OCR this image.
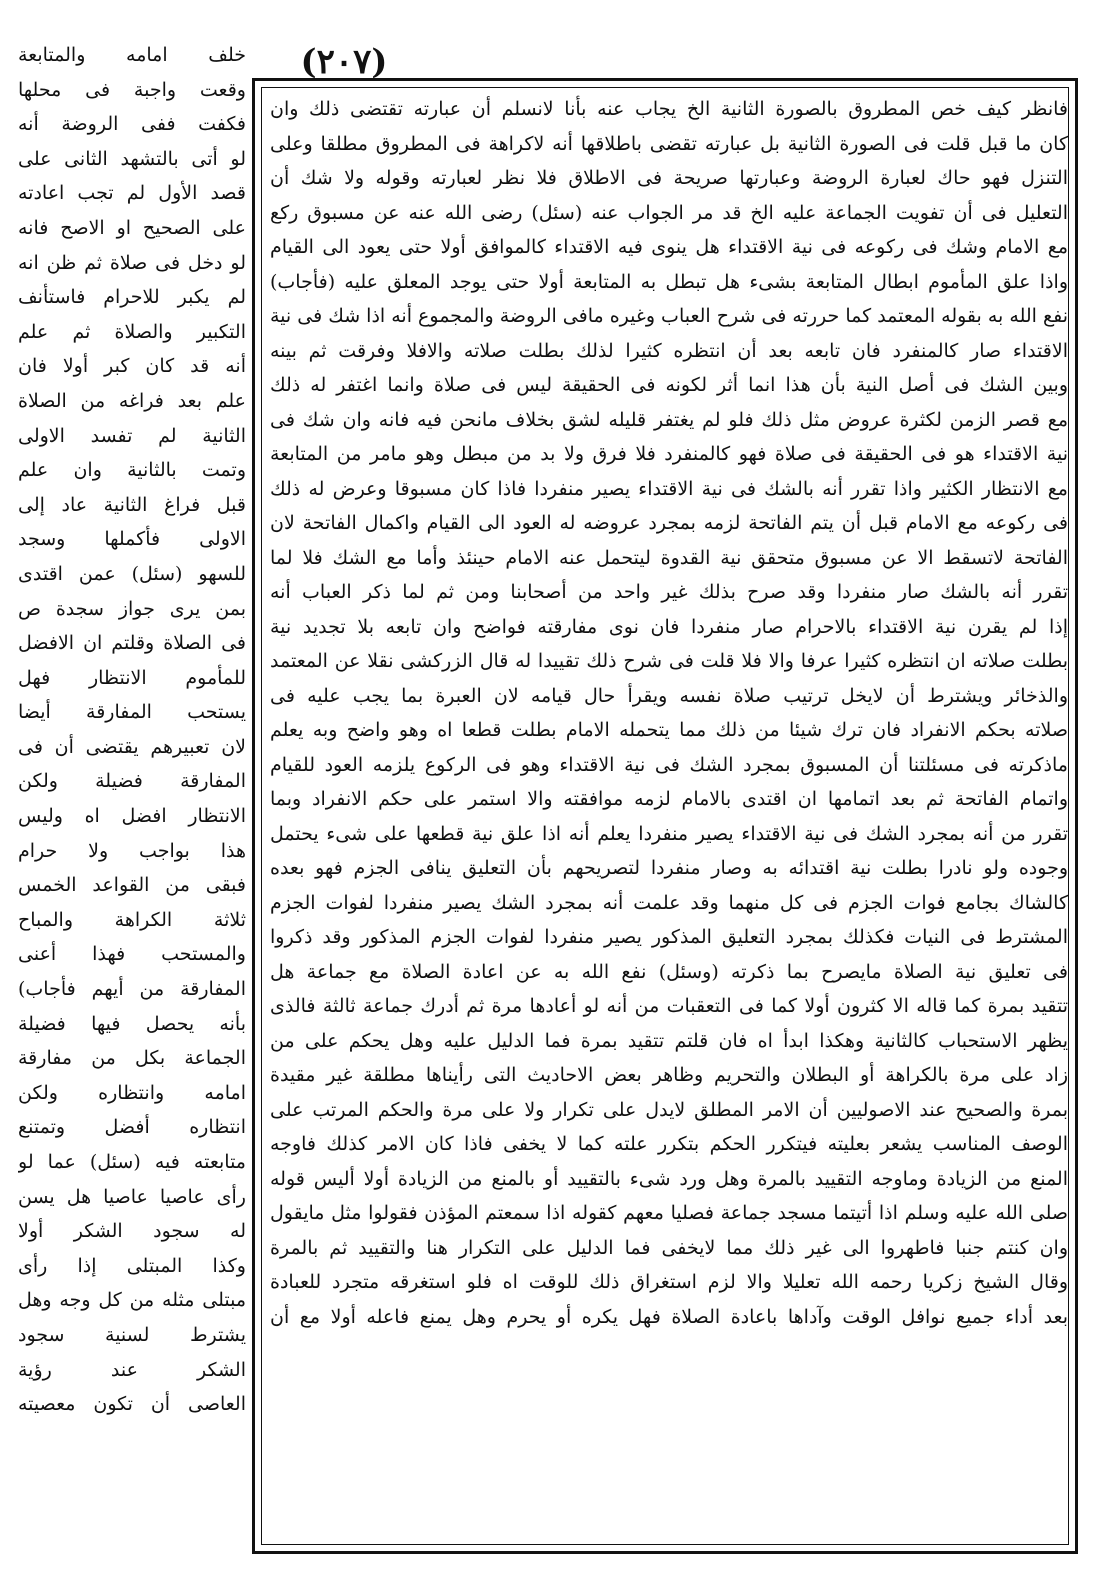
(٢٠٧)
خلف امامه والمتابعة
وقعت واجبة فى محلها
فكفت ففى الروضة أنه
لو أتى بالتشهد الثانى على
قصد الأول لم تجب اعادته
على الصحيح او الاصح فانه
لو دخل فى صلاة ثم ظن انه
لم يكبر للاحرام فاستأنف
التكبير والصلاة ثم علم
أنه قد كان كبر أولا فان
علم بعد فراغه من الصلاة
الثانية لم تفسد الاولى
وتمت بالثانية وان علم
قبل فراغ الثانية عاد إلى
الاولى فأكملها وسجد
للسهو (سئل) عمن اقتدى
بمن يرى جواز سجدة ص
فى الصلاة وقلتم ان الافضل
للمأموم الانتظار فهل
يستحب المفارقة أيضا
لان تعبيرهم يقتضى أن فى
المفارقة فضيلة ولكن
الانتظار افضل اه وليس
هذا بواجب ولا حرام
فبقى من القواعد الخمس
ثلاثة الكراهة والمباح
والمستحب فهذا أعنى
المفارقة من أيهم فأجاب)
بأنه يحصل فيها فضيلة
الجماعة بكل من مفارقة
امامه وانتظاره ولكن
انتظاره أفضل وتمتنع
متابعته فيه (سئل) عما لو
رأى عاصيا عاصيا هل يسن
له سجود الشكر أولا
وكذا المبتلى إذا رأى
مبتلى مثله من كل وجه وهل
يشترط لسنية سجود
الشكر عند رؤية
العاصى أن تكون معصيته
فانظر كيف خص المطروق بالصورة الثانية الخ يجاب عنه بأنا لانسلم أن عبارته تقتضى ذلك وان
كان ما قبل قلت فى الصورة الثانية بل عبارته تقضى باطلاقها أنه لاكراهة فى المطروق مطلقا وعلى
التنزل فهو حاك لعبارة الروضة وعبارتها صريحة فى الاطلاق فلا نظر لعبارته وقوله ولا شك أن
التعليل فى أن تفويت الجماعة عليه الخ قد مر الجواب عنه (سئل) رضى الله عنه عن مسبوق ركع
مع الامام وشك فى ركوعه فى نية الاقتداء هل ينوى فيه الاقتداء كالموافق أولا حتى يعود الى القيام
واذا علق المأموم ابطال المتابعة بشىء هل تبطل به المتابعة أولا حتى يوجد المعلق عليه (فأجاب)
نفع الله به بقوله المعتمد كما حررته فى شرح العباب وغيره مافى الروضة والمجموع أنه اذا شك فى نية
الاقتداء صار كالمنفرد فان تابعه بعد أن انتظره كثيرا لذلك بطلت صلاته والافلا وفرقت ثم بينه
وبين الشك فى أصل النية بأن هذا انما أثر لكونه فى الحقيقة ليس فى صلاة وانما اغتفر له ذلك
مع قصر الزمن لكثرة عروض مثل ذلك فلو لم يغتفر قليله لشق بخلاف مانحن فيه فانه وان شك فى
نية الاقتداء هو فى الحقيقة فى صلاة فهو كالمنفرد فلا فرق ولا بد من مبطل وهو مامر من المتابعة
مع الانتظار الكثير واذا تقرر أنه بالشك فى نية الاقتداء يصير منفردا فاذا كان مسبوقا وعرض له ذلك
فى ركوعه مع الامام قبل أن يتم الفاتحة لزمه بمجرد عروضه له العود الى القيام واكمال الفاتحة لان
الفاتحة لاتسقط الا عن مسبوق متحقق نية القدوة ليتحمل عنه الامام حينئذ وأما مع الشك فلا لما
تقرر أنه بالشك صار منفردا وقد صرح بذلك غير واحد من أصحابنا ومن ثم لما ذكر العباب أنه
إذا لم يقرن نية الاقتداء بالاحرام صار منفردا فان نوى مفارقته فواضح وان تابعه بلا تجديد نية
بطلت صلاته ان انتظره كثيرا عرفا والا فلا قلت فى شرح ذلك تقييدا له قال الزركشى نقلا عن المعتمد
والذخائر ويشترط أن لايخل ترتيب صلاة نفسه ويقرأ حال قيامه لان العبرة بما يجب عليه فى
صلاته بحكم الانفراد فان ترك شيئا من ذلك مما يتحمله الامام بطلت قطعا اه وهو واضح وبه يعلم
ماذكرته فى مسئلتنا أن المسبوق بمجرد الشك فى نية الاقتداء وهو فى الركوع يلزمه العود للقيام
واتمام الفاتحة ثم بعد اتمامها ان اقتدى بالامام لزمه موافقته والا استمر على حكم الانفراد وبما
تقرر من أنه بمجرد الشك فى نية الاقتداء يصير منفردا يعلم أنه اذا علق نية قطعها على شىء يحتمل
وجوده ولو نادرا بطلت نية اقتدائه به وصار منفردا لتصريحهم بأن التعليق ينافى الجزم فهو بعده
كالشاك بجامع فوات الجزم فى كل منهما وقد علمت أنه بمجرد الشك يصير منفردا لفوات الجزم
المشترط فى النيات فكذلك بمجرد التعليق المذكور يصير منفردا لفوات الجزم المذكور وقد ذكروا
فى تعليق نية الصلاة مايصرح بما ذكرته (وسئل) نفع الله به عن اعادة الصلاة مع جماعة هل
تتقيد بمرة كما قاله الا كثرون أولا كما فى التعقبات من أنه لو أعادها مرة ثم أدرك جماعة ثالثة فالذى
يظهر الاستحباب كالثانية وهكذا ابدأ اه فان قلتم تتقيد بمرة فما الدليل عليه وهل يحكم على من
زاد على مرة بالكراهة أو البطلان والتحريم وظاهر بعض الاحاديث التى رأيناها مطلقة غير مقيدة
بمرة والصحيح عند الاصوليين أن الامر المطلق لايدل على تكرار ولا على مرة والحكم المرتب على
الوصف المناسب يشعر بعليته فيتكرر الحكم بتكرر علته كما لا يخفى فاذا كان الامر كذلك فاوجه
المنع من الزيادة وماوجه التقييد بالمرة وهل ورد شىء بالتقييد أو بالمنع من الزيادة أولا أليس قوله
صلى الله عليه وسلم اذا أتيتما مسجد جماعة فصليا معهم كقوله اذا سمعتم المؤذن فقولوا مثل مايقول
وان كنتم جنبا فاطهروا الى غير ذلك مما لايخفى فما الدليل على التكرار هنا والتقييد ثم بالمرة
وقال الشيخ زكريا رحمه الله تعليلا والا لزم استغراق ذلك للوقت اه فلو استغرقه متجرد للعبادة
بعد أداء جميع نوافل الوقت وآداها باعادة الصلاة فهل يكره أو يحرم وهل يمنع فاعله أولا مع أن
